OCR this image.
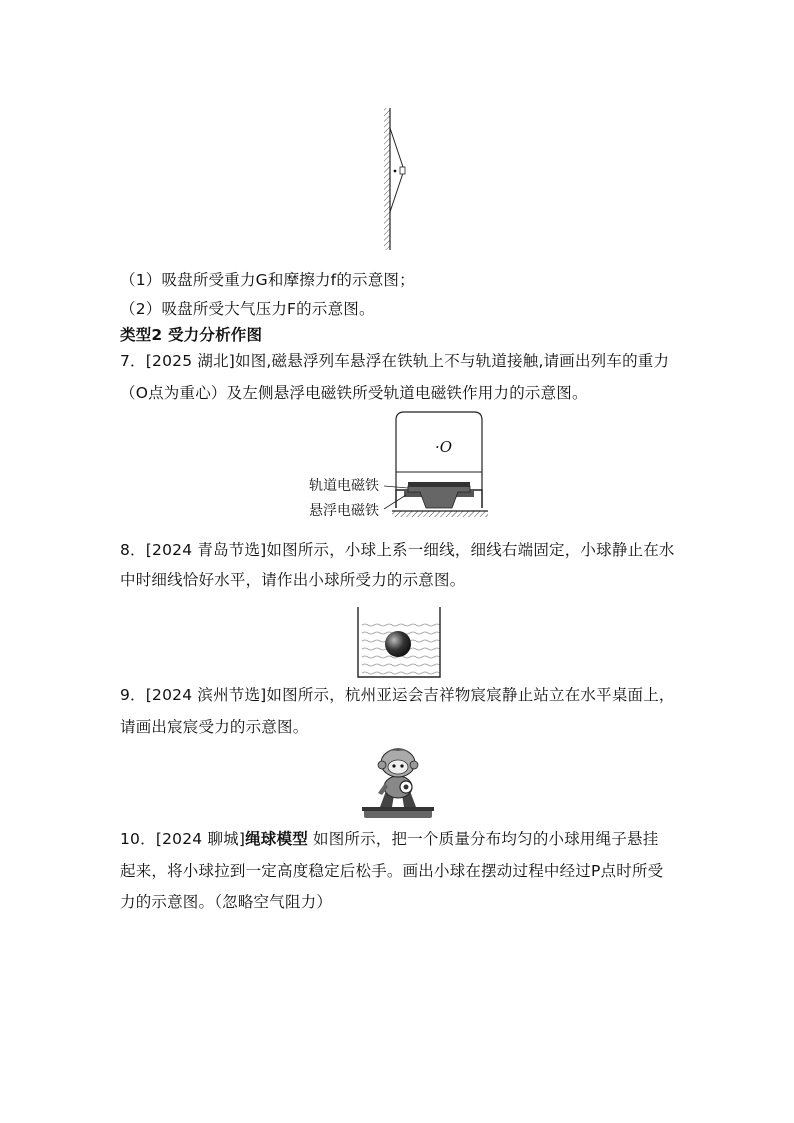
（1）吸盘所受重力G和摩擦力f的示意图；
（2）吸盘所受大气压力F的示意图。
类型2 受力分析作图
7．[2025 湖北]如图,磁悬浮列车悬浮在铁轨上不与轨道接触,请画出列车的重力
（O点为重心）及左侧悬浮电磁铁所受轨道电磁铁作用力的示意图。
·O
轨道电磁铁
悬浮电磁铁
8．[2024 青岛节选]如图所示，小球上系一细线，细线右端固定，小球静止在水
中时细线恰好水平，请作出小球所受力的示意图。
9．[2024 滨州节选]如图所示，杭州亚运会吉祥物宸宸静止站立在水平桌面上，
请画出宸宸受力的示意图。
10．[2024 聊城]绳球模型 如图所示，把一个质量分布均匀的小球用绳子悬挂
起来，将小球拉到一定高度稳定后松手。画出小球在摆动过程中经过P点时所受
力的示意图。（忽略空气阻力）
